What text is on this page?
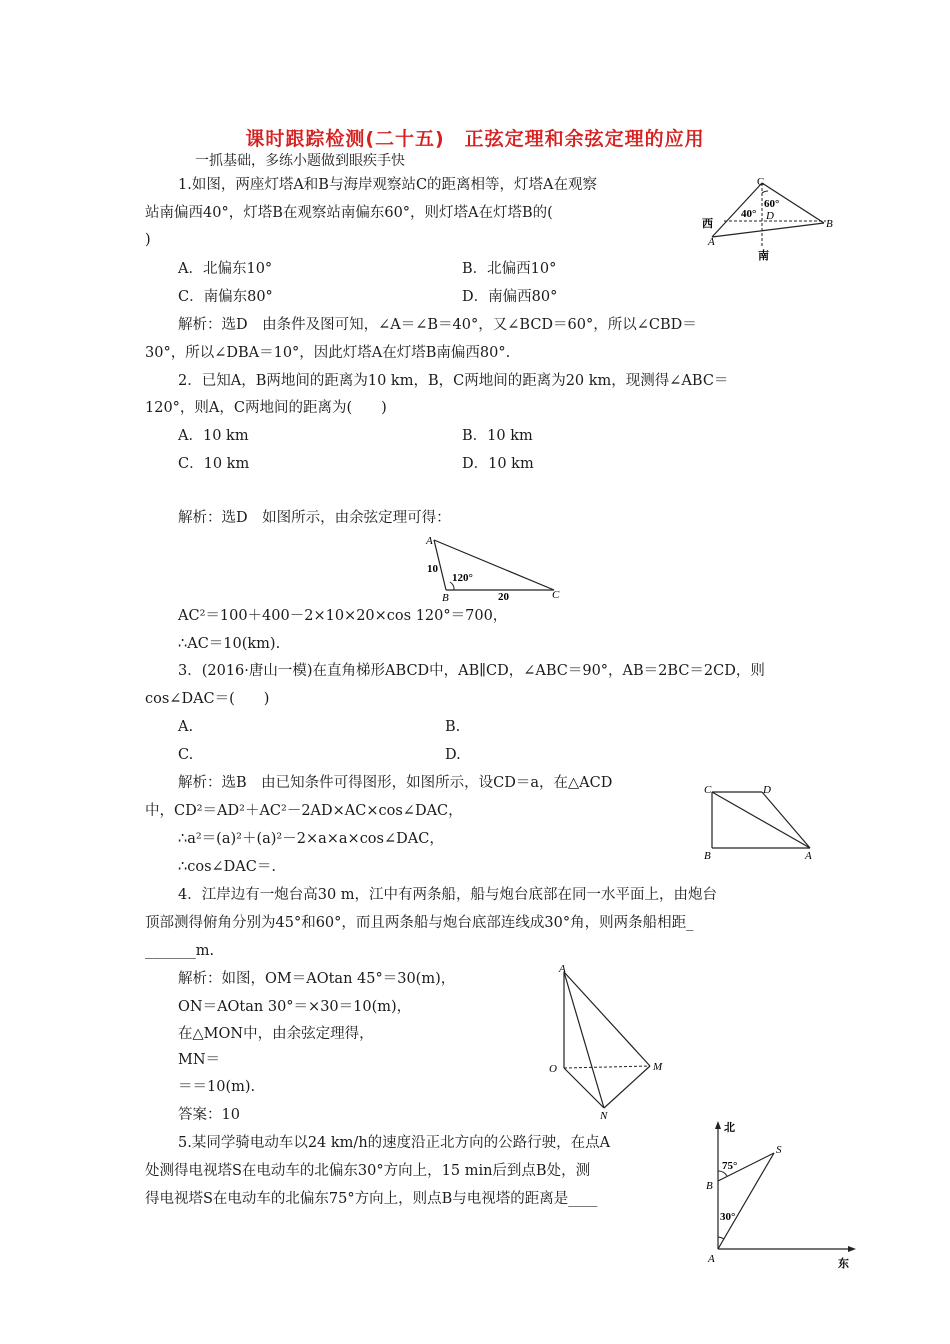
课时跟踪检测(二十五)　正弦定理和余弦定理的应用
一抓基础，多练小题做到眼疾手快
1.如图，两座灯塔A和B与海岸观察站C的距离相等，灯塔A在观察
站南偏西40°，灯塔B在观察站南偏东60°，则灯塔A在灯塔B的(
)
A．北偏东10°	B．北偏西10°
C．南偏东80°	D．南偏西80°
解析：选D　由条件及图可知，∠A＝∠B＝40°，又∠BCD＝60°，所以∠CBD＝
30°，所以∠DBA＝10°，因此灯塔A在灯塔B南偏西80°.
C
60°
40° D
西
A
B
南
2．已知A，B两地间的距离为10 km，B，C两地间的距离为20 km，现测得∠ABC＝
120°，则A，C两地间的距离为(　　)
A．10 km	B．10 km
C．10 km	D．10 km
解析：选D　如图所示，由余弦定理可得：
A
10
120°
B	20	C
AC²＝100＋400－2×10×20×cos 120°＝700，
∴AC＝10(km).
3．(2016·唐山一模)在直角梯形ABCD中，AB∥CD，∠ABC＝90°，AB＝2BC＝2CD，则
cos∠DAC＝(　　)
A.	B.
C.	D.
解析：选B　由已知条件可得图形，如图所示，设CD＝a，在△ACD
中，CD²＝AD²＋AC²－2AD×AC×cos∠DAC，
∴a²＝(a)²＋(a)²－2×a×a×cos∠DAC，
∴cos∠DAC＝.
C	D
B	A
4．江岸边有一炮台高30 m，江中有两条船，船与炮台底部在同一水平面上，由炮台
顶部测得俯角分别为45°和60°，而且两条船与炮台底部连线成30°角，则两条船相距_
_______m.
解析：如图，OM＝AOtan 45°＝30(m)，
ON＝AOtan 30°＝×30＝10(m)，
在△MON中，由余弦定理得，
MN＝
＝＝10(m).
答案：10
A
O	M
N
5.某同学骑电动车以24 km/h的速度沿正北方向的公路行驶，在点A
处测得电视塔S在电动车的北偏东30°方向上，15 min后到点B处，测
得电视塔S在电动车的北偏东75°方向上，则点B与电视塔的距离是____
北
S
75°
B
30°
A	东
